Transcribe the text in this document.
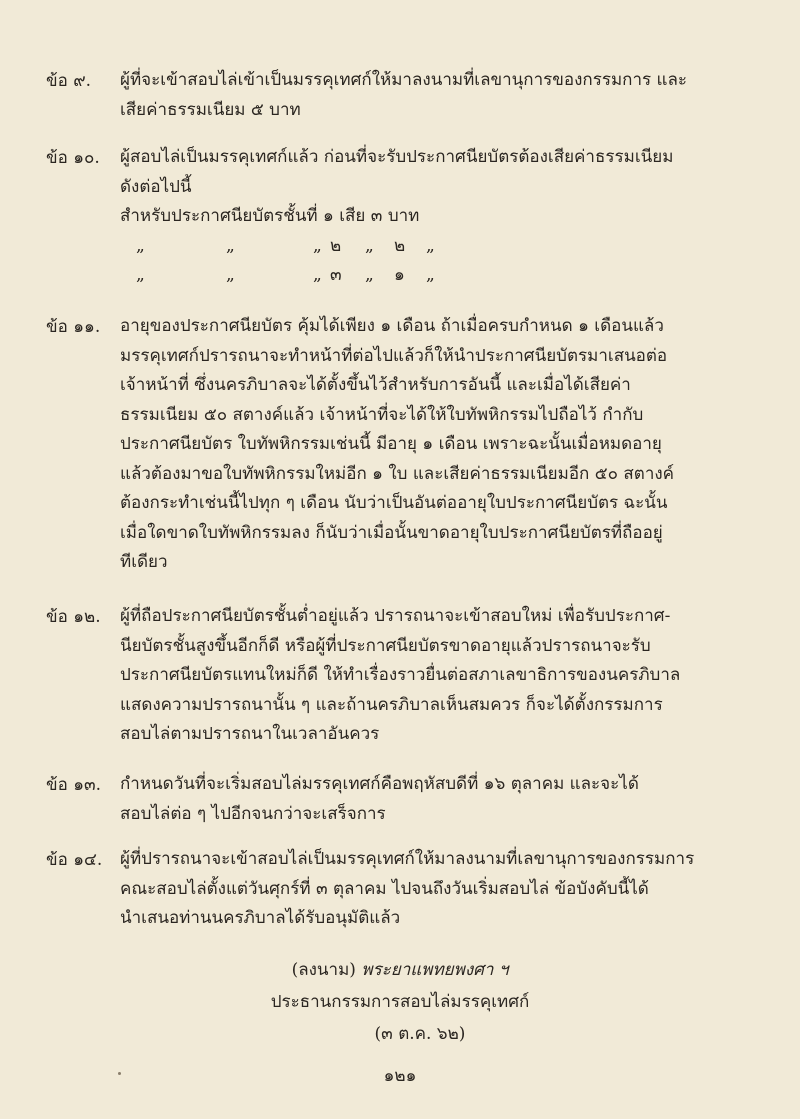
ข้อ ๙.	ผู้ที่จะเข้าสอบไล่เข้าเป็นมรรคุเทศก์ให้มาลงนามที่เลขานุการของกรรมการ และ
เสียค่าธรรมเนียม ๕ บาท
ข้อ ๑๐.	ผู้สอบไล่เป็นมรรคุเทศก์แล้ว ก่อนที่จะรับประกาศนียบัตรต้องเสียค่าธรรมเนียม
ดังต่อไปนี้
สำหรับประกาศนียบัตรชั้นที่ ๑ เสีย ๓ บาท
„	„	„ ๒ „ ๒ „
„	„	„ ๓ „ ๑ „
ข้อ ๑๑.	อายุของประกาศนียบัตร คุ้มได้เพียง ๑ เดือน ถ้าเมื่อครบกำหนด ๑ เดือนแล้ว
มรรคุเทศก์ปรารถนาจะทำหน้าที่ต่อไปแล้วก็ให้นำประกาศนียบัตรมาเสนอต่อ
เจ้าหน้าที่ ซึ่งนครภิบาลจะได้ตั้งขึ้นไว้สำหรับการอันนี้ และเมื่อได้เสียค่า
ธรรมเนียม ๕๐ สตางค์แล้ว เจ้าหน้าที่จะได้ให้ใบทัพหิกรรมไปถือไว้ กำกับ
ประกาศนียบัตร ใบทัพหิกรรมเช่นนี้ มีอายุ ๑ เดือน เพราะฉะนั้นเมื่อหมดอายุ
แล้วต้องมาขอใบทัพหิกรรมใหม่อีก ๑ ใบ และเสียค่าธรรมเนียมอีก ๕๐ สตางค์
ต้องกระทำเช่นนี้ไปทุก ๆ เดือน นับว่าเป็นอันต่ออายุใบประกาศนียบัตร ฉะนั้น
เมื่อใดขาดใบทัพหิกรรมลง ก็นับว่าเมื่อนั้นขาดอายุใบประกาศนียบัตรที่ถืออยู่
ทีเดียว
ข้อ ๑๒.	ผู้ที่ถือประกาศนียบัตรชั้นต่ำอยู่แล้ว ปรารถนาจะเข้าสอบใหม่ เพื่อรับประกาศ-
นียบัตรชั้นสูงขึ้นอีกก็ดี หรือผู้ที่ประกาศนียบัตรขาดอายุแล้วปรารถนาจะรับ
ประกาศนียบัตรแทนใหม่ก็ดี ให้ทำเรื่องราวยื่นต่อสภาเลขาธิการของนครภิบาล
แสดงความปรารถนานั้น ๆ และถ้านครภิบาลเห็นสมควร ก็จะได้ตั้งกรรมการ
สอบไล่ตามปรารถนาในเวลาอันควร
ข้อ ๑๓.	กำหนดวันที่จะเริ่มสอบไล่มรรคุเทศก์คือพฤหัสบดีที่ ๑๖ ตุลาคม และจะได้
สอบไล่ต่อ ๆ ไปอีกจนกว่าจะเสร็จการ
ข้อ ๑๔.	ผู้ที่ปรารถนาจะเข้าสอบไล่เป็นมรรคุเทศก์ให้มาลงนามที่เลขานุการของกรรมการ
คณะสอบไล่ตั้งแต่วันศุกร์ที่ ๓ ตุลาคม ไปจนถึงวันเริ่มสอบไล่ ข้อบังคับนี้ได้
นำเสนอท่านนครภิบาลได้รับอนุมัติแล้ว
(ลงนาม) พระยาแพทยพงศา ฯ
ประธานกรรมการสอบไล่มรรคุเทศก์
(๓ ต.ค. ๖๒)
๑๒๑
